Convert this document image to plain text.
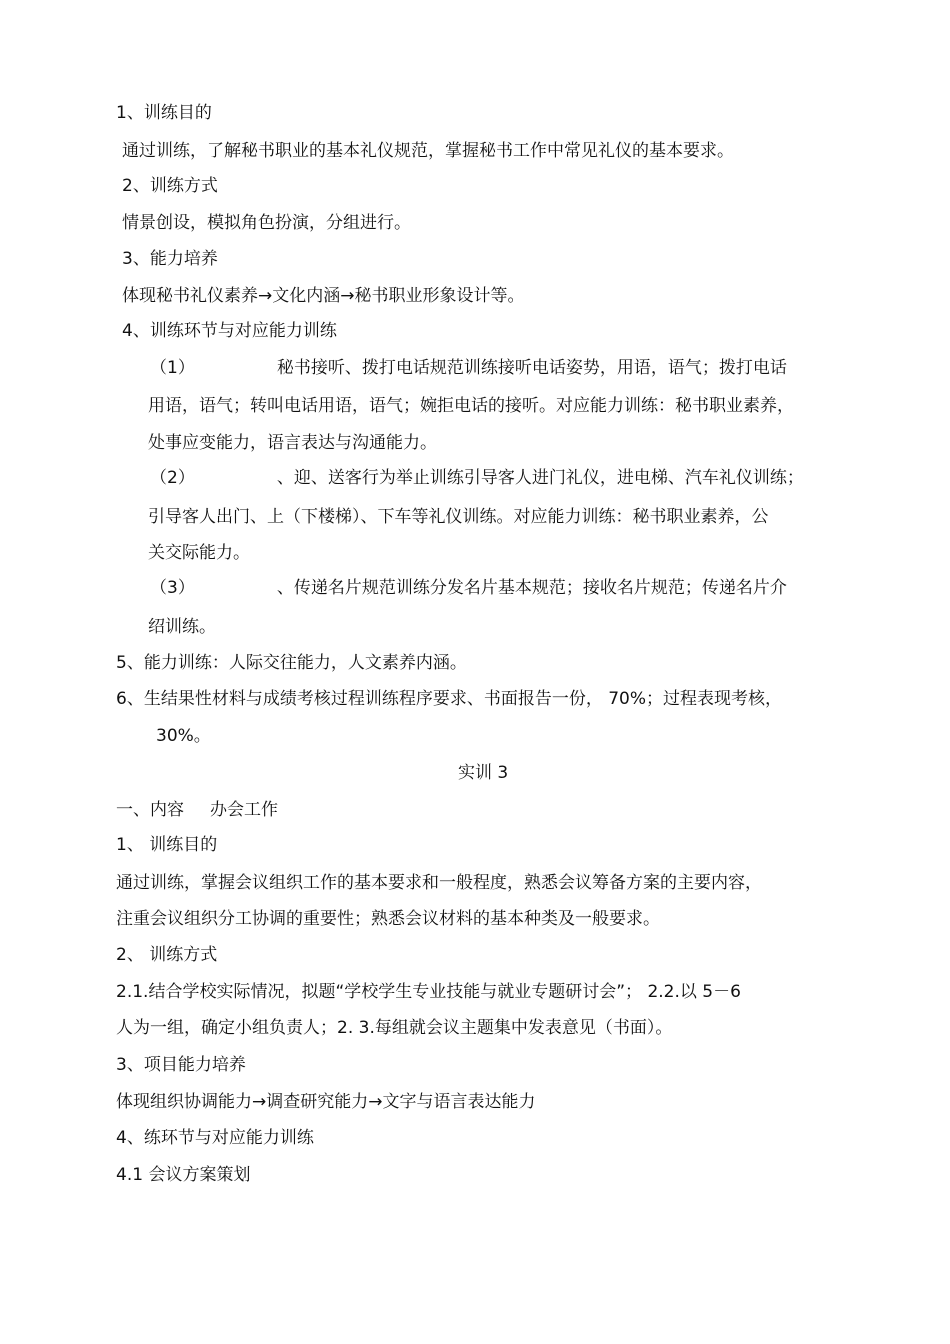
1、训练目的
通过训练，了解秘书职业的基本礼仪规范，掌握秘书工作中常见礼仪的基本要求。
2、训练方式
情景创设，模拟角色扮演，分组进行。
3、能力培养
体现秘书礼仪素养→文化内涵→秘书职业形象设计等。
4、训练环节与对应能力训练
（1）	秘书接听、拨打电话规范训练接听电话姿势，用语，语气；拨打电话
用语，语气；转叫电话用语，语气；婉拒电话的接听。对应能力训练：秘书职业素养，
处事应变能力，语言表达与沟通能力。
（2）	、迎、送客行为举止训练引导客人进门礼仪，进电梯、汽车礼仪训练；
引导客人出门、上（下楼梯）、下车等礼仪训练。对应能力训练：秘书职业素养，公
关交际能力。
（3）	、传递名片规范训练分发名片基本规范；接收名片规范；传递名片介
绍训练。
5、能力训练：人际交往能力，人文素养内涵。
6、生结果性材料与成绩考核过程训练程序要求、书面报告一份， 70%；过程表现考核，
30%。
实训 3
一、内容 办会工作
1、 训练目的
通过训练，掌握会议组织工作的基本要求和一般程度，熟悉会议筹备方案的主要内容，
注重会议组织分工协调的重要性；熟悉会议材料的基本种类及一般要求。
2、 训练方式
2.1.结合学校实际情况，拟题“学校学生专业技能与就业专题研讨会”； 2.2.以 5－6
人为一组，确定小组负责人；2. 3.每组就会议主题集中发表意见（书面）。
3、项目能力培养
体现组织协调能力→调查研究能力→文字与语言表达能力
4、练环节与对应能力训练
4.1 会议方案策划
